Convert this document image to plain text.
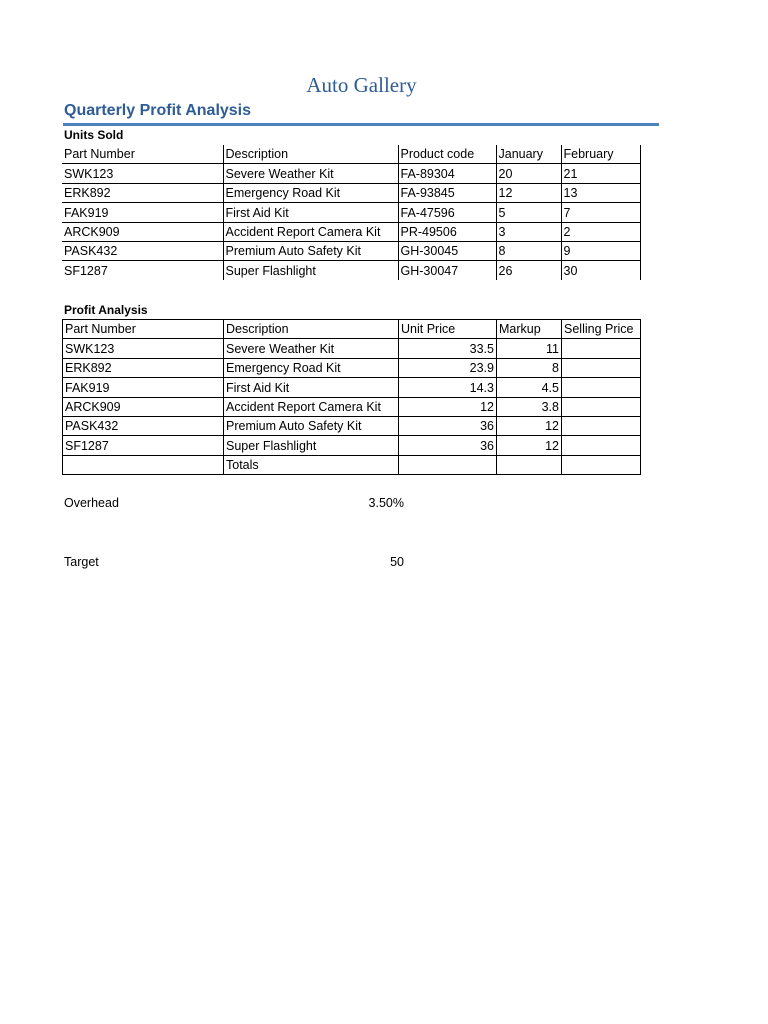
Auto Gallery
Quarterly Profit Analysis
Units Sold
Part Number	Description	Product code	January	February
SWK123	Severe Weather Kit	FA-89304	20	21
ERK892	Emergency Road Kit	FA-93845	12	13
FAK919	First Aid Kit	FA-47596	5	7
ARCK909	Accident Report Camera Kit	PR-49506	3	2
PASK432	Premium Auto Safety Kit	GH-30045	8	9
SF1287	Super Flashlight	GH-30047	26	30
Profit Analysis
Part Number	Description	Unit Price	Markup	Selling Price
SWK123	Severe Weather Kit	33.5	11	
ERK892	Emergency Road Kit	23.9	8	
FAK919	First Aid Kit	14.3	4.5	
ARCK909	Accident Report Camera Kit	12	3.8	
PASK432	Premium Auto Safety Kit	36	12	
SF1287	Super Flashlight	36	12	
	Totals			
Overhead	3.50%
Target	50
